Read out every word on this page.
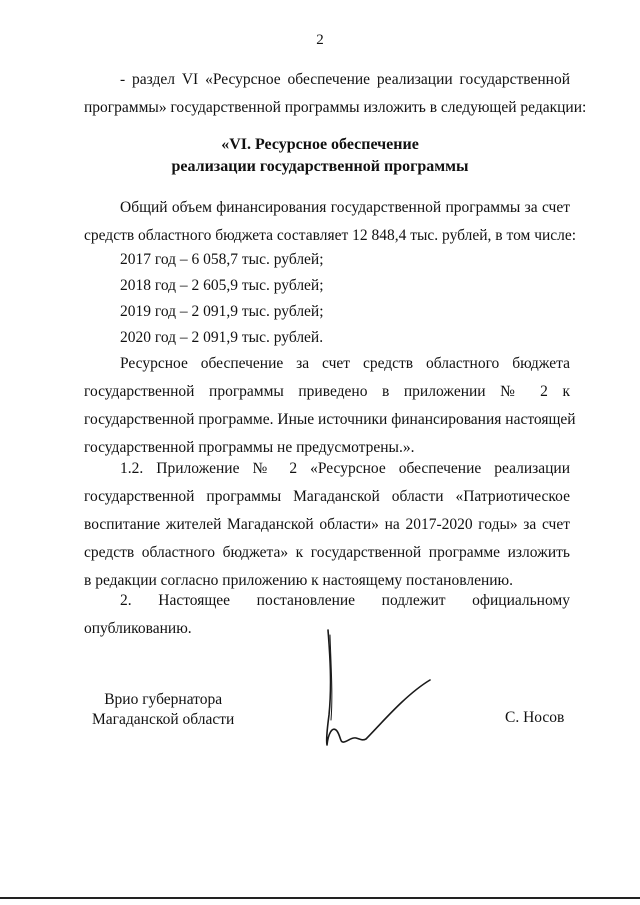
2
- раздел VI «Ресурсное обеспечение реализации государственной
программы» государственной программы изложить в следующей редакции:
«VI. Ресурсное обеспечение
реализации государственной программы
Общий объем финансирования государственной программы за счет
средств областного бюджета составляет 12 848,4 тыс. рублей, в том числе:
2017 год – 6 058,7 тыс. рублей;
2018 год – 2 605,9 тыс. рублей;
2019 год – 2 091,9 тыс. рублей;
2020 год – 2 091,9 тыс. рублей.
Ресурсное обеспечение за счет средств областного бюджета
государственной программы приведено в приложении № 2 к
государственной программе. Иные источники финансирования настоящей
государственной программы не предусмотрены.».
1.2. Приложение № 2 «Ресурсное обеспечение реализации
государственной программы Магаданской области «Патриотическое
воспитание жителей Магаданской области» на 2017-2020 годы» за счет
средств областного бюджета» к государственной программе изложить
в редакции согласно приложению к настоящему постановлению.
2. Настоящее постановление подлежит официальному
опубликованию.
Врио губернатора
Магаданской области	С. Носов
